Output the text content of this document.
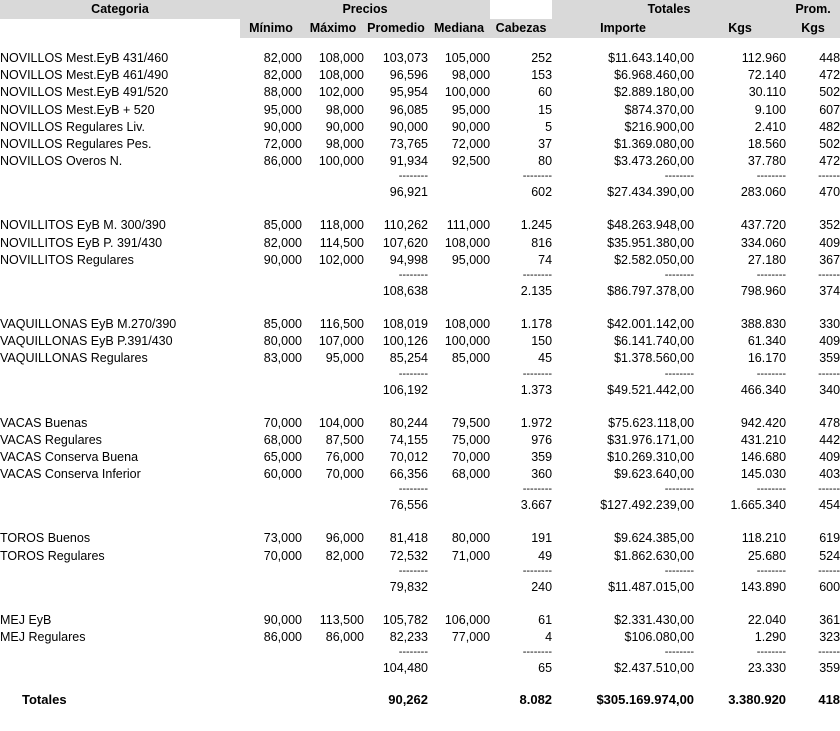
Categoria	Precios					Totales		Prom.
	Mínimo	Máximo	Promedio	Mediana	Cabezas	Importe	Kgs	Kgs

NOVILLOS Mest.EyB 431/460	82,000	108,000	103,073	105,000	252	$11.643.140,00	112.960	448
NOVILLOS Mest.EyB 461/490	82,000	108,000	96,596	98,000	153	$6.968.460,00	72.140	472
NOVILLOS Mest.EyB 491/520	88,000	102,000	95,954	100,000	60	$2.889.180,00	30.110	502
NOVILLOS Mest.EyB + 520	95,000	98,000	96,085	95,000	15	$874.370,00	9.100	607
NOVILLOS Regulares Liv.	90,000	90,000	90,000	90,000	5	$216.900,00	2.410	482
NOVILLOS Regulares Pes.	72,000	98,000	73,765	72,000	37	$1.369.080,00	18.560	502
NOVILLOS Overos N.	86,000	100,000	91,934	92,500	80	$3.473.260,00	37.780	472
			--------		--------	--------	--------	------
			96,921		602	$27.434.390,00	283.060	470

NOVILLITOS EyB M. 300/390	85,000	118,000	110,262	111,000	1.245	$48.263.948,00	437.720	352
NOVILLITOS EyB P. 391/430	82,000	114,500	107,620	108,000	816	$35.951.380,00	334.060	409
NOVILLITOS Regulares	90,000	102,000	94,998	95,000	74	$2.582.050,00	27.180	367
			--------		--------	--------	--------	------
			108,638		2.135	$86.797.378,00	798.960	374

VAQUILLONAS EyB M.270/390	85,000	116,500	108,019	108,000	1.178	$42.001.142,00	388.830	330
VAQUILLONAS EyB P.391/430	80,000	107,000	100,126	100,000	150	$6.141.740,00	61.340	409
VAQUILLONAS Regulares	83,000	95,000	85,254	85,000	45	$1.378.560,00	16.170	359
			--------		--------	--------	--------	------
			106,192		1.373	$49.521.442,00	466.340	340

VACAS Buenas	70,000	104,000	80,244	79,500	1.972	$75.623.118,00	942.420	478
VACAS Regulares	68,000	87,500	74,155	75,000	976	$31.976.171,00	431.210	442
VACAS Conserva Buena	65,000	76,000	70,012	70,000	359	$10.269.310,00	146.680	409
VACAS Conserva Inferior	60,000	70,000	66,356	68,000	360	$9.623.640,00	145.030	403
			--------		--------	--------	--------	------
			76,556		3.667	$127.492.239,00	1.665.340	454

TOROS Buenos	73,000	96,000	81,418	80,000	191	$9.624.385,00	118.210	619
TOROS Regulares	70,000	82,000	72,532	71,000	49	$1.862.630,00	25.680	524
			--------		--------	--------	--------	------
			79,832		240	$11.487.015,00	143.890	600

MEJ EyB	90,000	113,500	105,782	106,000	61	$2.331.430,00	22.040	361
MEJ Regulares	86,000	86,000	82,233	77,000	4	$106.080,00	1.290	323
			--------		--------	--------	--------	------
			104,480		65	$2.437.510,00	23.330	359

Totales			90,262		8.082	$305.169.974,00	3.380.920	418
